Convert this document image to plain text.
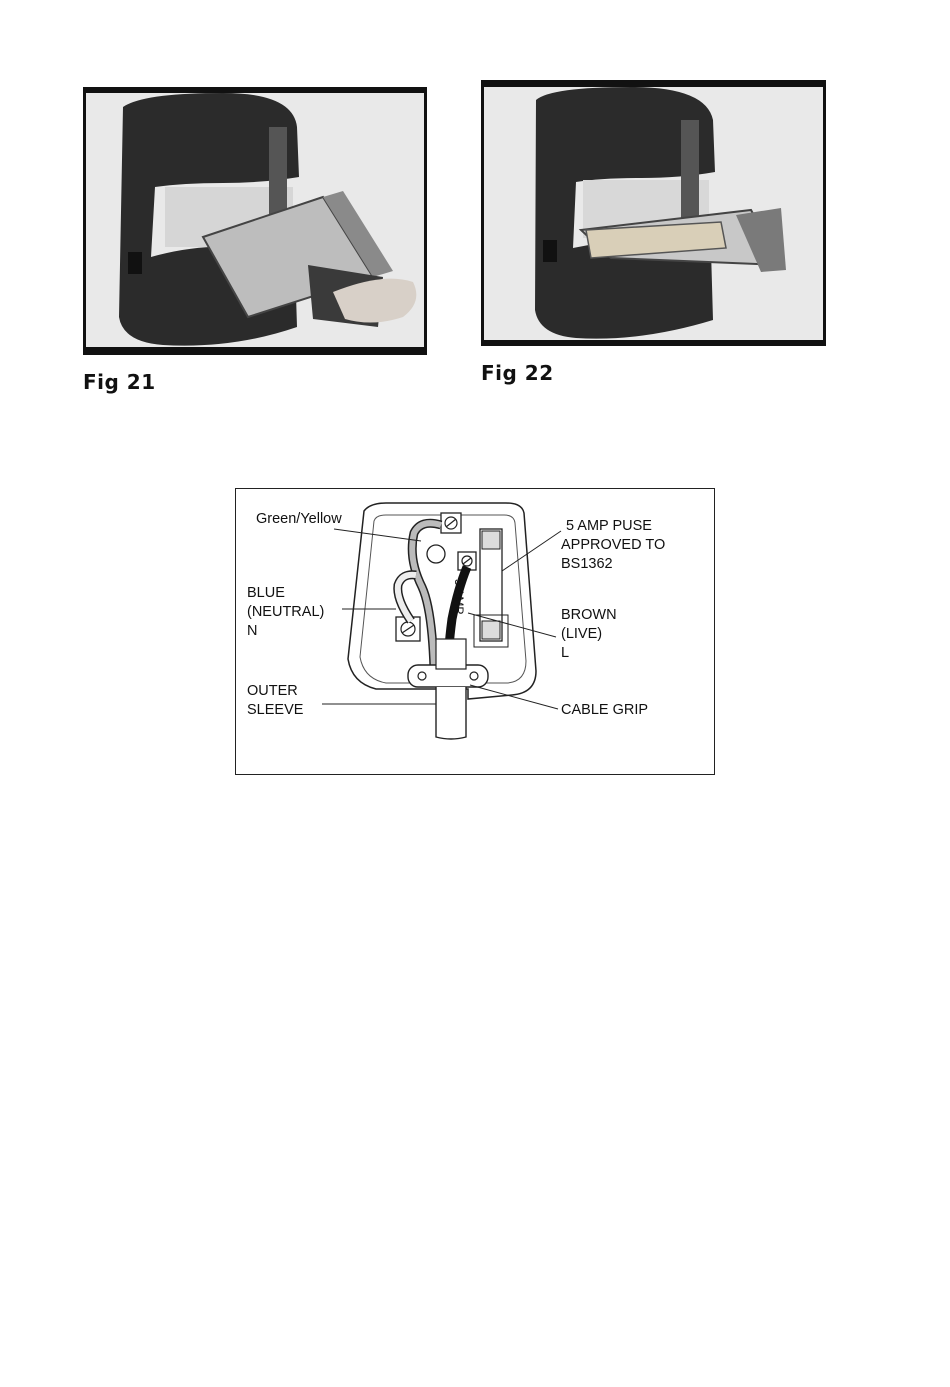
Fig 21	Fig 22
Green/Yellow	5 AMP PUSE
APPROVED TO
BS1362
BLUE
(NEUTRAL)
N
BROWN
(LIVE)
L
OUTER
SLEEVE	CABLE GRIP
5 AMP
